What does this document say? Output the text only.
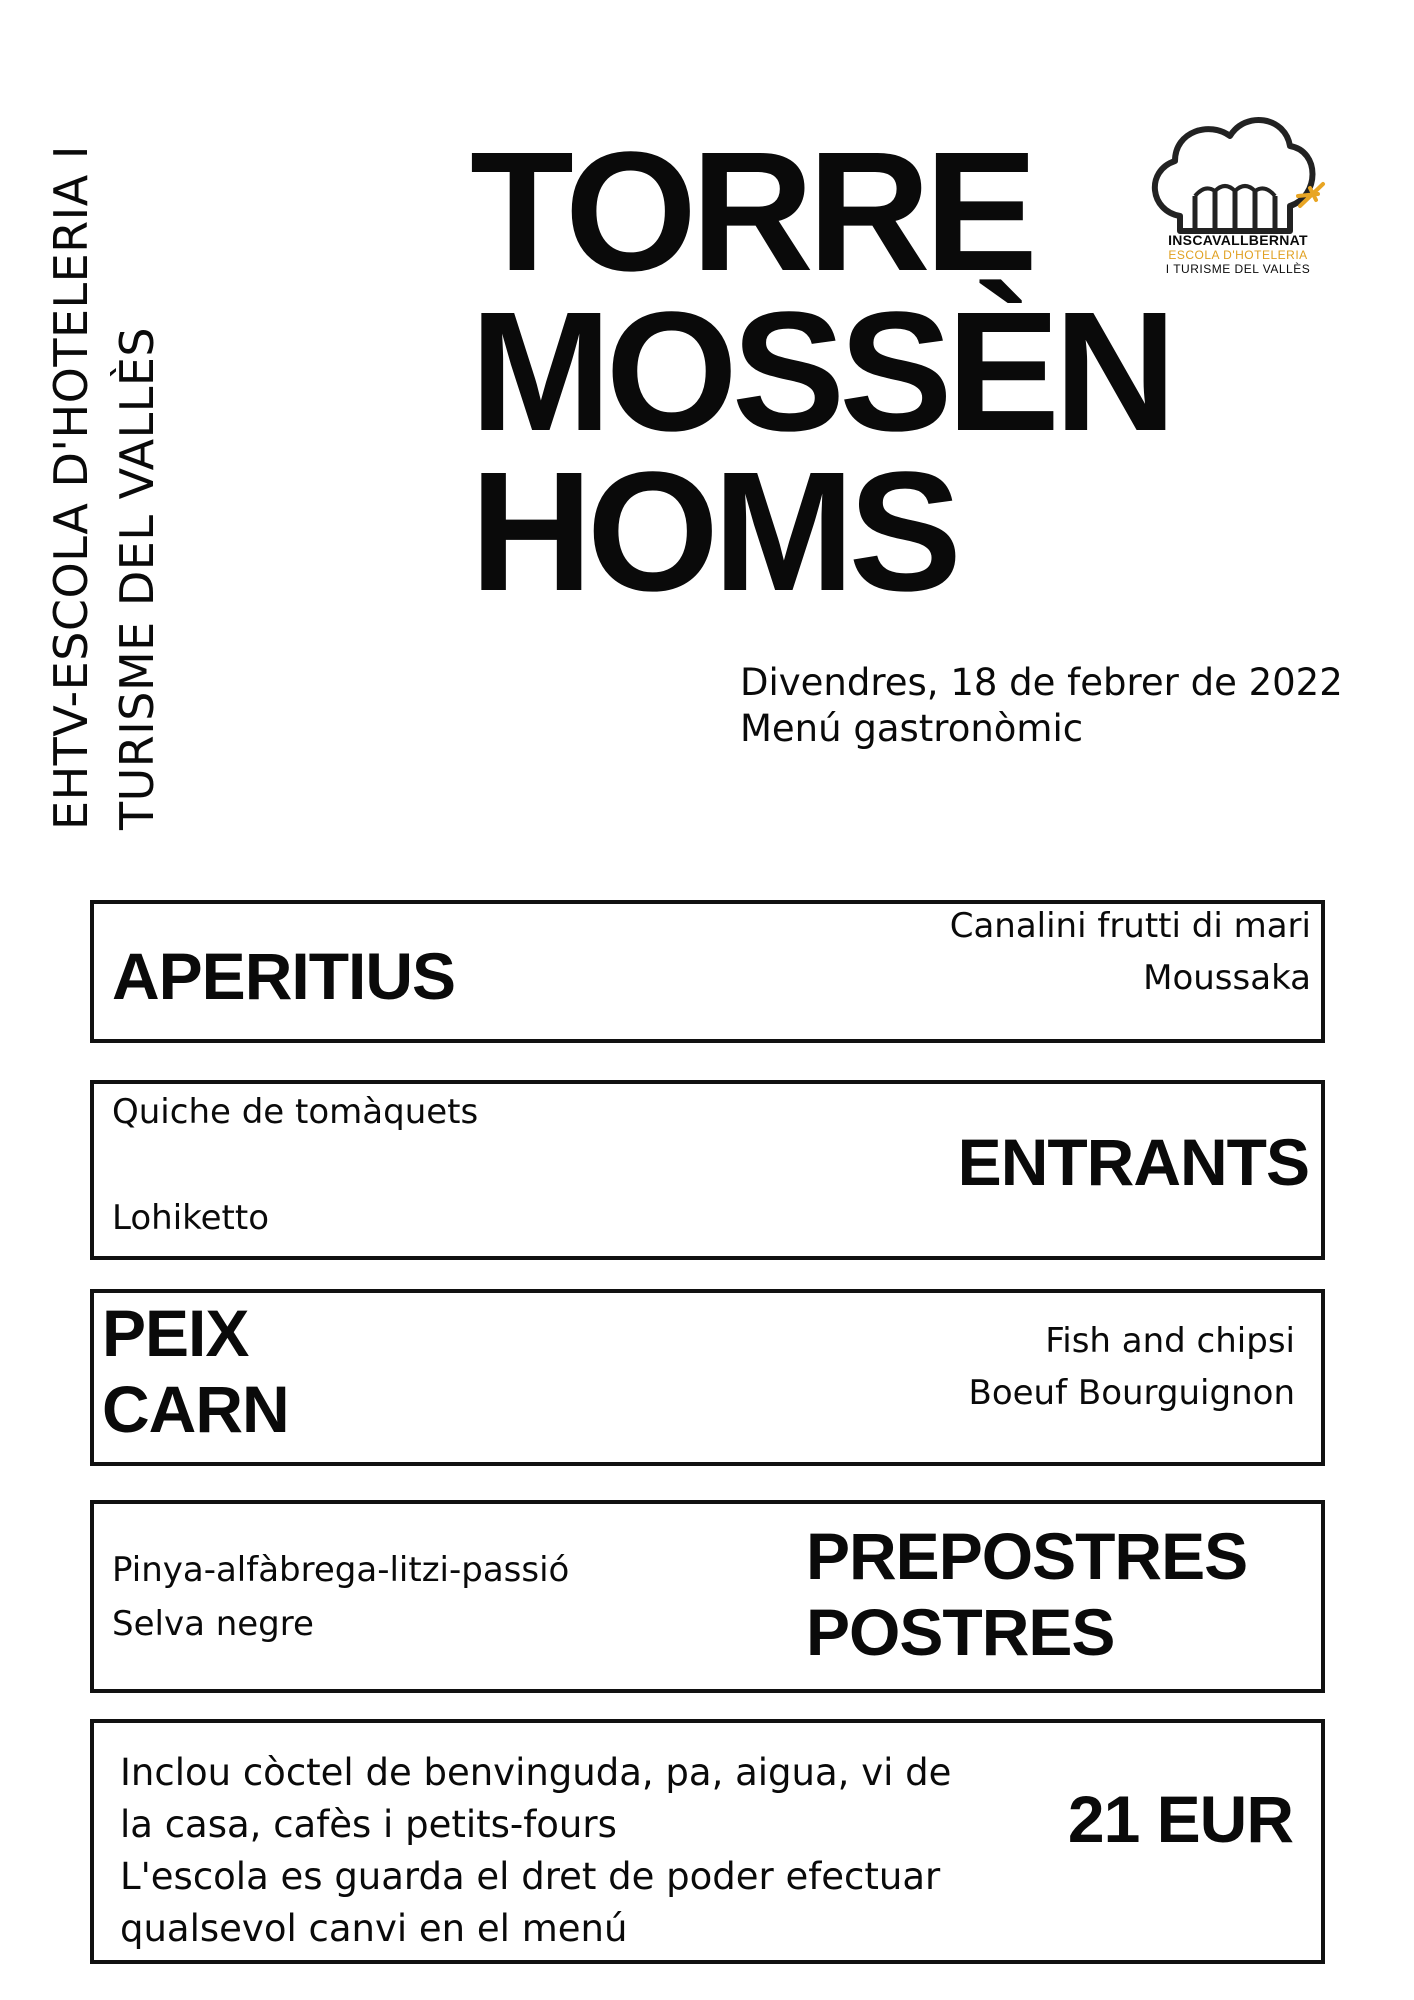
EHTV-ESCOLA D'HOTELERIA I TURISME DEL VALLÈS
TORRE
MOSSÈN
HOMS
INSCAVALLBERNAT
ESCOLA D'HOTELERIA
I TURISME DEL VALLÈS
Divendres, 18 de febrer de 2022
Menú gastronòmic
APERITIUS
Canalini frutti di mari
Moussaka
Quiche de tomàquets
Lohiketto
ENTRANTS
PEIX
CARN
Fish and chipsi
Boeuf Bourguignon
Pinya-alfàbrega-litzi-passió
Selva negre
PREPOSTRES
POSTRES
Inclou còctel de benvinguda, pa, aigua, vi de
la casa, cafès i petits-fours
L'escola es guarda el dret de poder efectuar
qualsevol canvi en el menú
21 EUR
